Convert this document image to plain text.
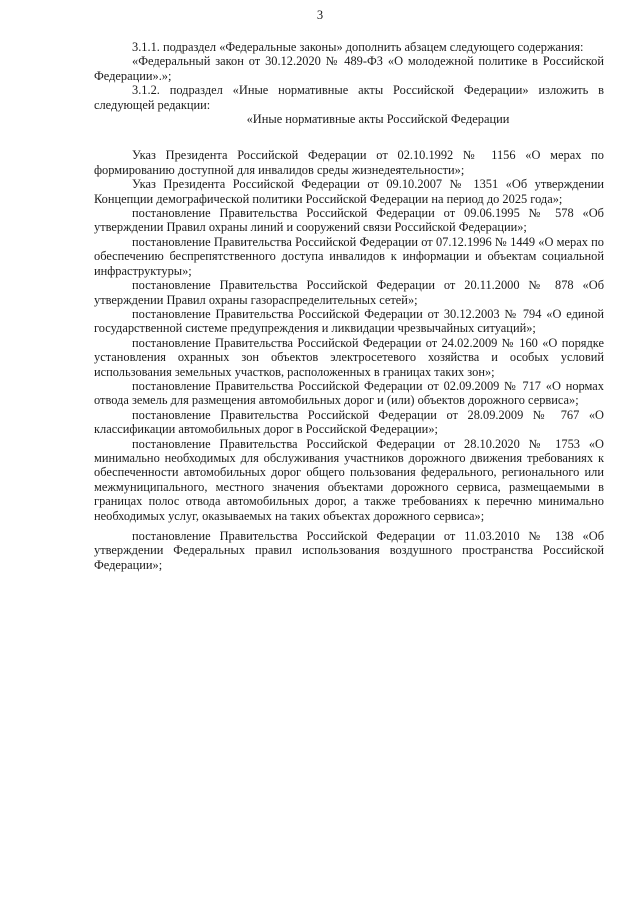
3

3.1.1. подраздел «Федеральные законы» дополнить абзацем следующего содержания:

«Федеральный закон от 30.12.2020 № 489-ФЗ «О молодежной политике в Российской Федерации».»;

3.1.2. подраздел «Иные нормативные акты Российской Федерации» изложить в следующей редакции:

«Иные нормативные акты Российской Федерации

Указ Президента Российской Федерации от 02.10.1992 № 1156 «О мерах по формированию доступной для инвалидов среды жизнедеятельности»;

Указ Президента Российской Федерации от 09.10.2007 № 1351 «Об утверждении Концепции демографической политики Российской Федерации на период до 2025 года»;

постановление Правительства Российской Федерации от 09.06.1995 № 578 «Об утверждении Правил охраны линий и сооружений связи Российской Федерации»;

постановление Правительства Российской Федерации от 07.12.1996 № 1449 «О мерах по обеспечению беспрепятственного доступа инвалидов к информации и объектам социальной инфраструктуры»;

постановление Правительства Российской Федерации от 20.11.2000 № 878 «Об утверждении Правил охраны газораспределительных сетей»;

постановление Правительства Российской Федерации от 30.12.2003 № 794 «О единой государственной системе предупреждения и ликвидации чрезвычайных ситуаций»;

постановление Правительства Российской Федерации от 24.02.2009 № 160 «О порядке установления охранных зон объектов электросетевого хозяйства и особых условий использования земельных участков, расположенных в границах таких зон»;

постановление Правительства Российской Федерации от 02.09.2009 № 717 «О нормах отвода земель для размещения автомобильных дорог и (или) объектов дорожного сервиса»;

постановление Правительства Российской Федерации от 28.09.2009 № 767 «О классификации автомобильных дорог в Российской Федерации»;

постановление Правительства Российской Федерации от 28.10.2020 № 1753 «О минимально необходимых для обслуживания участников дорожного движения требованиях к обеспеченности автомобильных дорог общего пользования федерального, регионального или межмуниципального, местного значения объектами дорожного сервиса, размещаемыми в границах полос отвода автомобильных дорог, а также требованиях к перечню минимально необходимых услуг, оказываемых на таких объектах дорожного сервиса»;

постановление Правительства Российской Федерации от 11.03.2010 № 138 «Об утверждении Федеральных правил использования воздушного пространства Российской Федерации»;
